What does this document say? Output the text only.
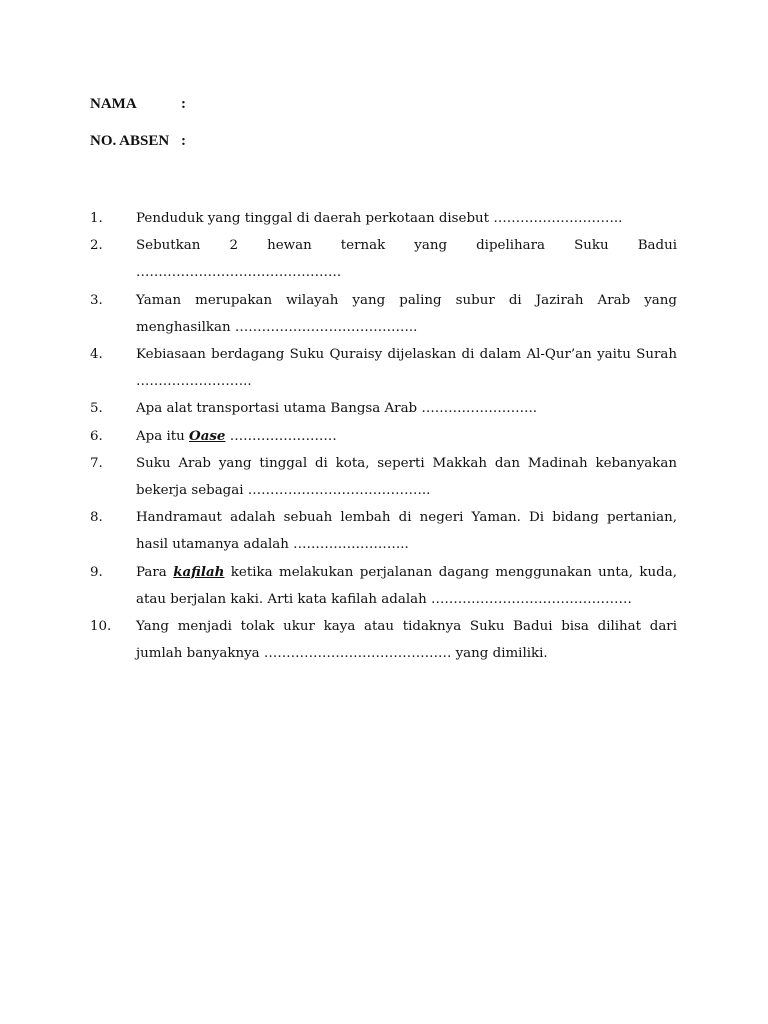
NAMA	:
NO. ABSEN :
1.	Penduduk yang tinggal di daerah perkotaan disebut ………………………..
2.	Sebutkan 2 hewan ternak yang dipelihara Suku Badui ……………………………………….
3.	Yaman merupakan wilayah yang paling subur di Jazirah Arab yang menghasilkan …………………………………..
4.	Kebiasaan berdagang Suku Quraisy dijelaskan di dalam Al-Qur’an yaitu Surah ……………………..
5.	Apa alat transportasi utama Bangsa Arab ……………………..
6.	Apa itu Oase ……………………
7.	Suku Arab yang tinggal di kota, seperti Makkah dan Madinah kebanyakan bekerja sebagai …………………………………..
8.	Handramaut adalah sebuah lembah di negeri Yaman. Di bidang pertanian, hasil utamanya adalah ……………………..
9.	Para kafilah ketika melakukan perjalanan dagang menggunakan unta, kuda, atau berjalan kaki. Arti kata kafilah adalah ………………………………………
10. Yang menjadi tolak ukur kaya atau tidaknya Suku Badui bisa dilihat dari jumlah banyaknya …………………………………… yang dimiliki.
